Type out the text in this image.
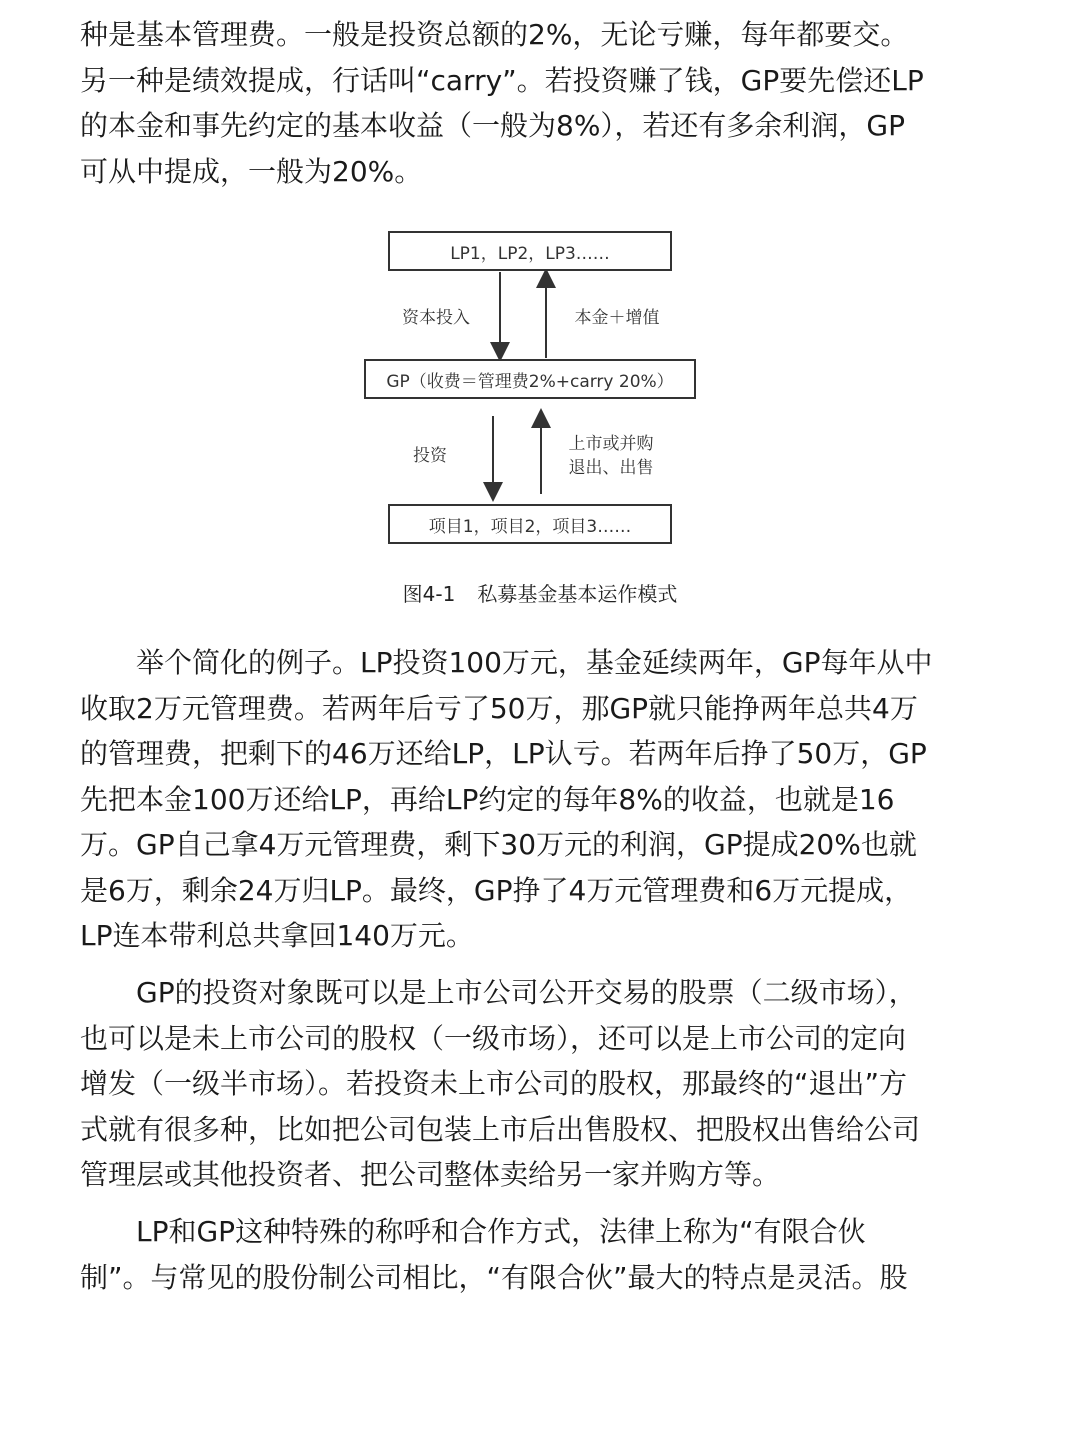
种是基本管理费。一般是投资总额的2%，无论亏赚，每年都要交。
另一种是绩效提成，行话叫“carry”。若投资赚了钱，GP要先偿还LP
的本金和事先约定的基本收益（一般为8%），若还有多余利润，GP
可从中提成，一般为20%。
LP1，LP2，LP3……
资本投入	本金＋增值
GP（收费＝管理费2%+carry 20%）
投资
上市或并购
退出、出售
项目1，项目2，项目3……
图4-1 私募基金基本运作模式
　　举个简化的例子。LP投资100万元，基金延续两年，GP每年从中
收取2万元管理费。若两年后亏了50万，那GP就只能挣两年总共4万
的管理费，把剩下的46万还给LP，LP认亏。若两年后挣了50万，GP
先把本金100万还给LP，再给LP约定的每年8%的收益，也就是16
万。GP自己拿4万元管理费，剩下30万元的利润，GP提成20%也就
是6万，剩余24万归LP。最终，GP挣了4万元管理费和6万元提成，
LP连本带利总共拿回140万元。
　　GP的投资对象既可以是上市公司公开交易的股票（二级市场），
也可以是未上市公司的股权（一级市场），还可以是上市公司的定向
增发（一级半市场）。若投资未上市公司的股权，那最终的“退出”方
式就有很多种，比如把公司包装上市后出售股权、把股权出售给公司
管理层或其他投资者、把公司整体卖给另一家并购方等。
　　LP和GP这种特殊的称呼和合作方式，法律上称为“有限合伙
制”。与常见的股份制公司相比，“有限合伙”最大的特点是灵活。股
